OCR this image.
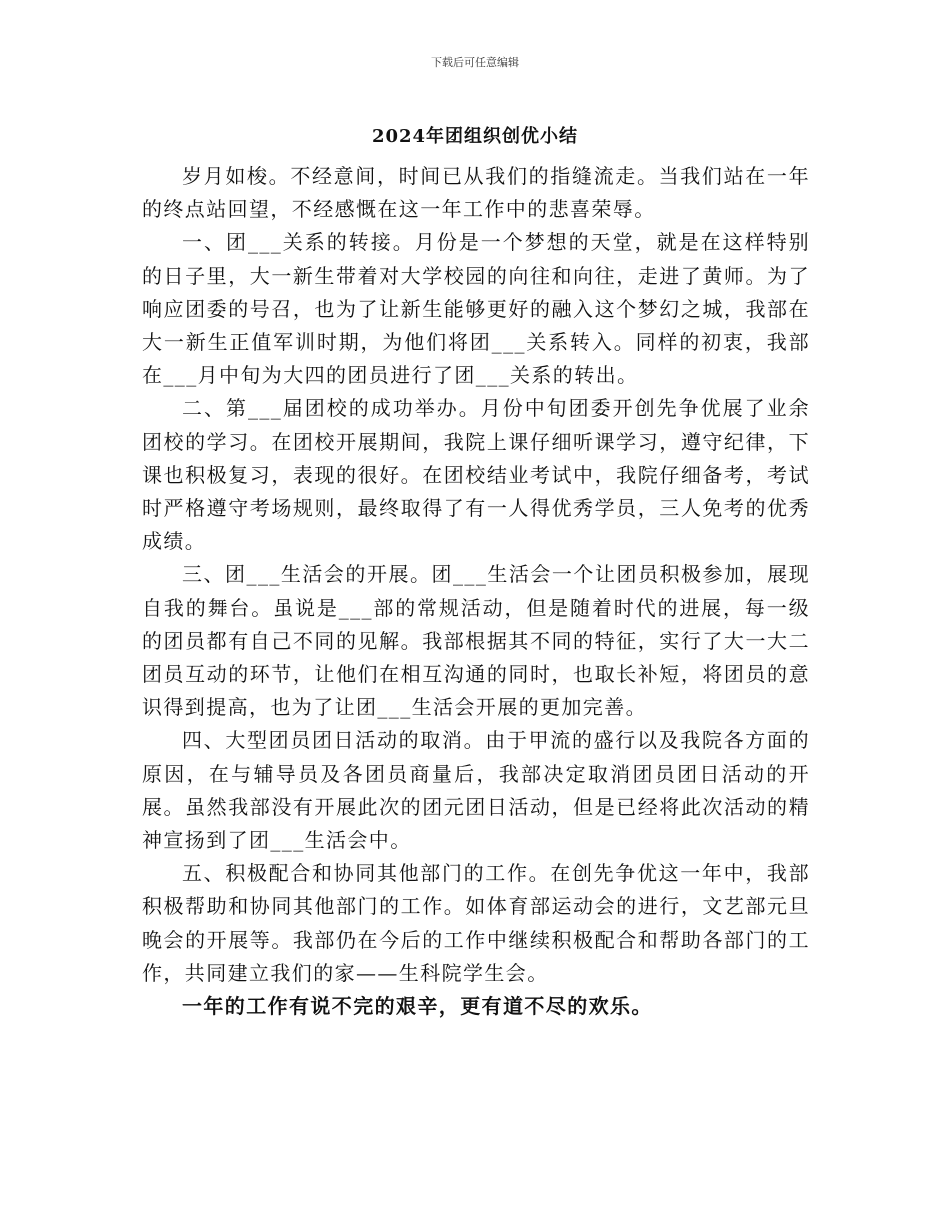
下载后可任意编辑
2024年团组织创优小结

岁月如梭。不经意间，时间已从我们的指缝流走。当我们站在一年的终点站回望，不经感慨在这一年工作中的悲喜荣辱。

一、团___关系的转接。月份是一个梦想的天堂，就是在这样特别的日子里，大一新生带着对大学校园的向往和向往，走进了黄师。为了响应团委的号召，也为了让新生能够更好的融入这个梦幻之城，我部在大一新生正值军训时期，为他们将团___关系转入。同样的初衷，我部在___月中旬为大四的团员进行了团___关系的转出。

二、第___届团校的成功举办。月份中旬团委开创先争优展了业余团校的学习。在团校开展期间，我院上课仔细听课学习，遵守纪律，下课也积极复习，表现的很好。在团校结业考试中，我院仔细备考，考试时严格遵守考场规则，最终取得了有一人得优秀学员，三人免考的优秀成绩。

三、团___生活会的开展。团___生活会一个让团员积极参加，展现自我的舞台。虽说是___部的常规活动，但是随着时代的进展，每一级的团员都有自己不同的见解。我部根据其不同的特征，实行了大一大二团员互动的环节，让他们在相互沟通的同时，也取长补短，将团员的意识得到提高，也为了让团___生活会开展的更加完善。

四、大型团员团日活动的取消。由于甲流的盛行以及我院各方面的原因，在与辅导员及各团员商量后，我部决定取消团员团日活动的开展。虽然我部没有开展此次的团元团日活动，但是已经将此次活动的精神宣扬到了团___生活会中。

五、积极配合和协同其他部门的工作。在创先争优这一年中，我部积极帮助和协同其他部门的工作。如体育部运动会的进行，文艺部元旦晚会的开展等。我部仍在今后的工作中继续积极配合和帮助各部门的工作，共同建立我们的家——生科院学生会。

一年的工作有说不完的艰辛，更有道不尽的欢乐。
